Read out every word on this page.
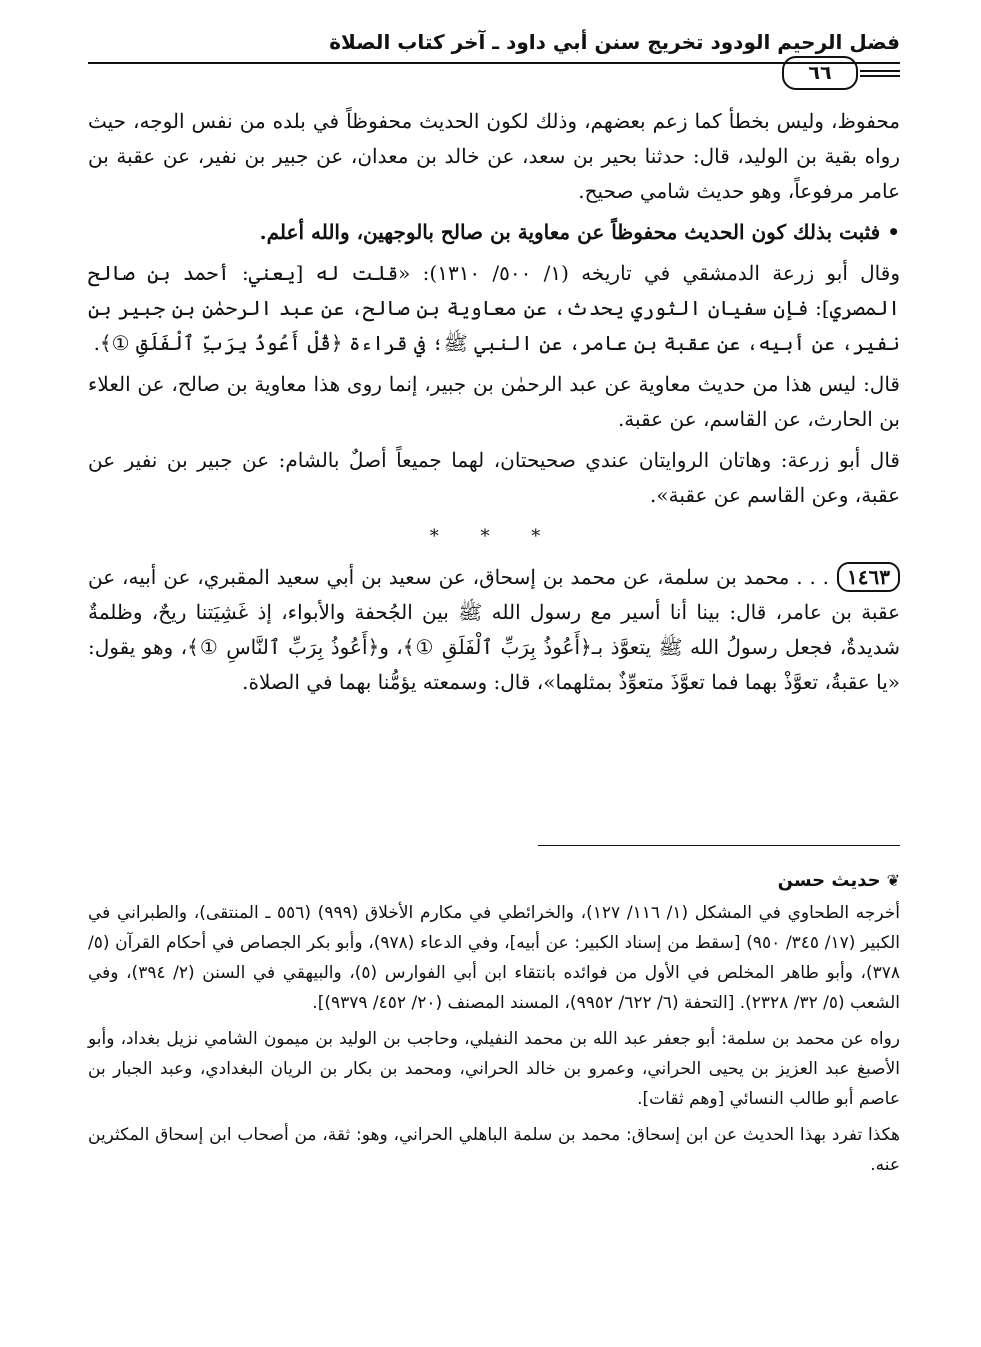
فضل الرحيم الودود تخريج سنن أبي داود ـ آخر كتاب الصلاة
٦٦

محفوظ، وليس بخطأ كما زعم بعضهم، وذلك لكون الحديث محفوظاً في بلده من نفس الوجه، حيث رواه بقية بن الوليد، قال: حدثنا بحير بن سعد، عن خالد بن معدان، عن جبير بن نفير، عن عقبة بن عامر مرفوعاً، وهو حديث شامي صحيح.

• فثبت بذلك كون الحديث محفوظاً عن معاوية بن صالح بالوجهين، والله أعلم.

وقال أبو زرعة الدمشقي في تاريخه (١/ ٥٠٠/ ١٣١٠): «قلت له [يعني: أحمد بن صالح المصري]: فإن سفيان الثوري يحدث، عن معاوية بن صالح، عن عبد الرحمٰن بن جبير بن نفير، عن أبيه، عن عقبة بن عامر، عن النبي ﷺ؛ في قراءة ﴿قُلْ أَعُوذُ بِرَبِّ ٱلْفَلَقِ ①﴾.

قال: ليس هذا من حديث معاوية عن عبد الرحمٰن بن جبير، إنما روى هذا معاوية بن صالح، عن العلاء بن الحارث، عن القاسم، عن عقبة.

قال أبو زرعة: وهاتان الروايتان عندي صحيحتان، لهما جميعاً أصلٌ بالشام: عن جبير بن نفير عن عقبة، وعن القاسم عن عقبة».

* * *

١٤٦٣. . . محمد بن سلمة، عن محمد بن إسحاق، عن سعيد بن أبي سعيد المقبري، عن أبيه، عن عقبة بن عامر، قال: بينا أنا أسير مع رسول الله ﷺ بين الجُحفة والأبواء، إذ غَشِيَتنا ريحٌ، وظلمةٌ شديدةٌ، فجعل رسولُ الله ﷺ يتعوَّذ بـ﴿أَعُوذُ بِرَبِّ ٱلْفَلَقِ ①﴾، و﴿أَعُوذُ بِرَبِّ ٱلنَّاسِ ①﴾، وهو يقول: «يا عقبةُ، تعوَّذْ بهما فما تعوَّذَ متعوِّذٌ بمثلهما»، قال: وسمعته يؤمُّنا بهما في الصلاة.

❦حديث حسن

أخرجه الطحاوي في المشكل (١/ ١١٦/ ١٢٧)، والخرائطي في مكارم الأخلاق (٩٩٩) (٥٥٦ ـ المنتقى)، والطبراني في الكبير (١٧/ ٣٤٥/ ٩٥٠) [سقط من إسناد الكبير: عن أبيه]، وفي الدعاء (٩٧٨)، وأبو بكر الجصاص في أحكام القرآن (٥/ ٣٧٨)، وأبو طاهر المخلص في الأول من فوائده بانتقاء ابن أبي الفوارس (٥)، والبيهقي في السنن (٢/ ٣٩٤)، وفي الشعب (٥/ ٣٢/ ٢٣٢٨). [التحفة (٦/ ٦٢٢/ ٩٩٥٢)، المسند المصنف (٢٠/ ٤٥٢/ ٩٣٧٩)].

رواه عن محمد بن سلمة: أبو جعفر عبد الله بن محمد النفيلي، وحاجب بن الوليد بن ميمون الشامي نزيل بغداد، وأبو الأصبغ عبد العزيز بن يحيى الحراني، وعمرو بن خالد الحراني، ومحمد بن بكار بن الريان البغدادي، وعبد الجبار بن عاصم أبو طالب النسائي [وهم ثقات].

هكذا تفرد بهذا الحديث عن ابن إسحاق: محمد بن سلمة الباهلي الحراني، وهو: ثقة، من أصحاب ابن إسحاق المكثرين عنه.
